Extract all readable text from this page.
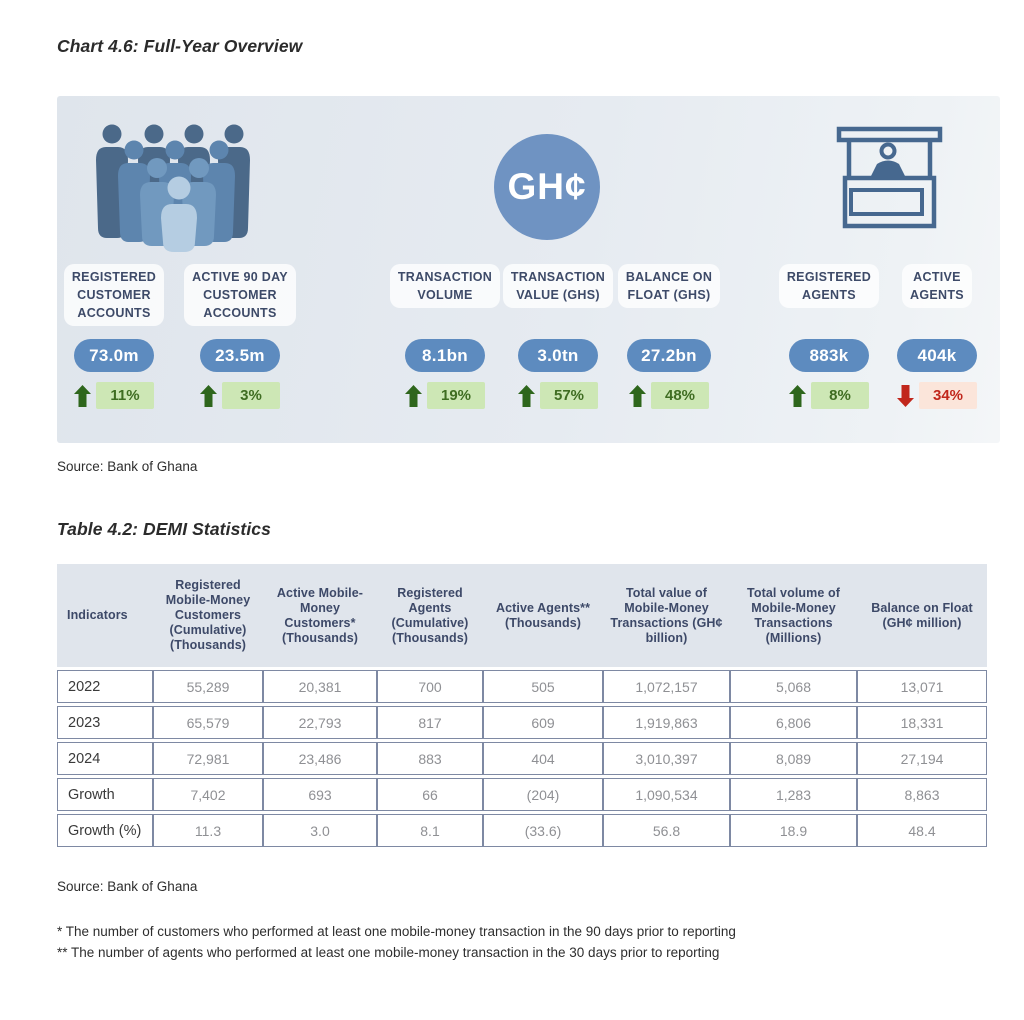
Chart 4.6: Full-Year Overview
GH¢
REGISTERED
CUSTOMER
ACCOUNTS
73.0m
11%
ACTIVE 90 DAY
CUSTOMER
ACCOUNTS
23.5m
3%
TRANSACTION
VOLUME
8.1bn
19%
TRANSACTION
VALUE (GHS)
3.0tn
57%
BALANCE ON
FLOAT (GHS)
27.2bn
48%
REGISTERED
AGENTS
883k
8%
ACTIVE
AGENTS
404k
34%

Source: Bank of Ghana

Table 4.2: DEMI Statistics
Indicators	Registered Mobile-Money Customers (Cumulative) (Thousands)	Active Mobile-Money Customers* (Thousands)	Registered Agents (Cumulative) (Thousands)	Active Agents** (Thousands)	Total value of Mobile-Money Transactions (GH¢ billion)	Total volume of Mobile-Money Transactions (Millions)	Balance on Float (GH¢ million)
2022	55,289	20,381	700	505	1,072,157	5,068	13,071
2023	65,579	22,793	817	609	1,919,863	6,806	18,331
2024	72,981	23,486	883	404	3,010,397	8,089	27,194
Growth	7,402	693	66	(204)	1,090,534	1,283	8,863
Growth (%)	11.3	3.0	8.1	(33.6)	56.8	18.9	48.4

Source: Bank of Ghana

* The number of customers who performed at least one mobile-money transaction in the 90 days prior to reporting

** The number of agents who performed at least one mobile-money transaction in the 30 days prior to reporting
